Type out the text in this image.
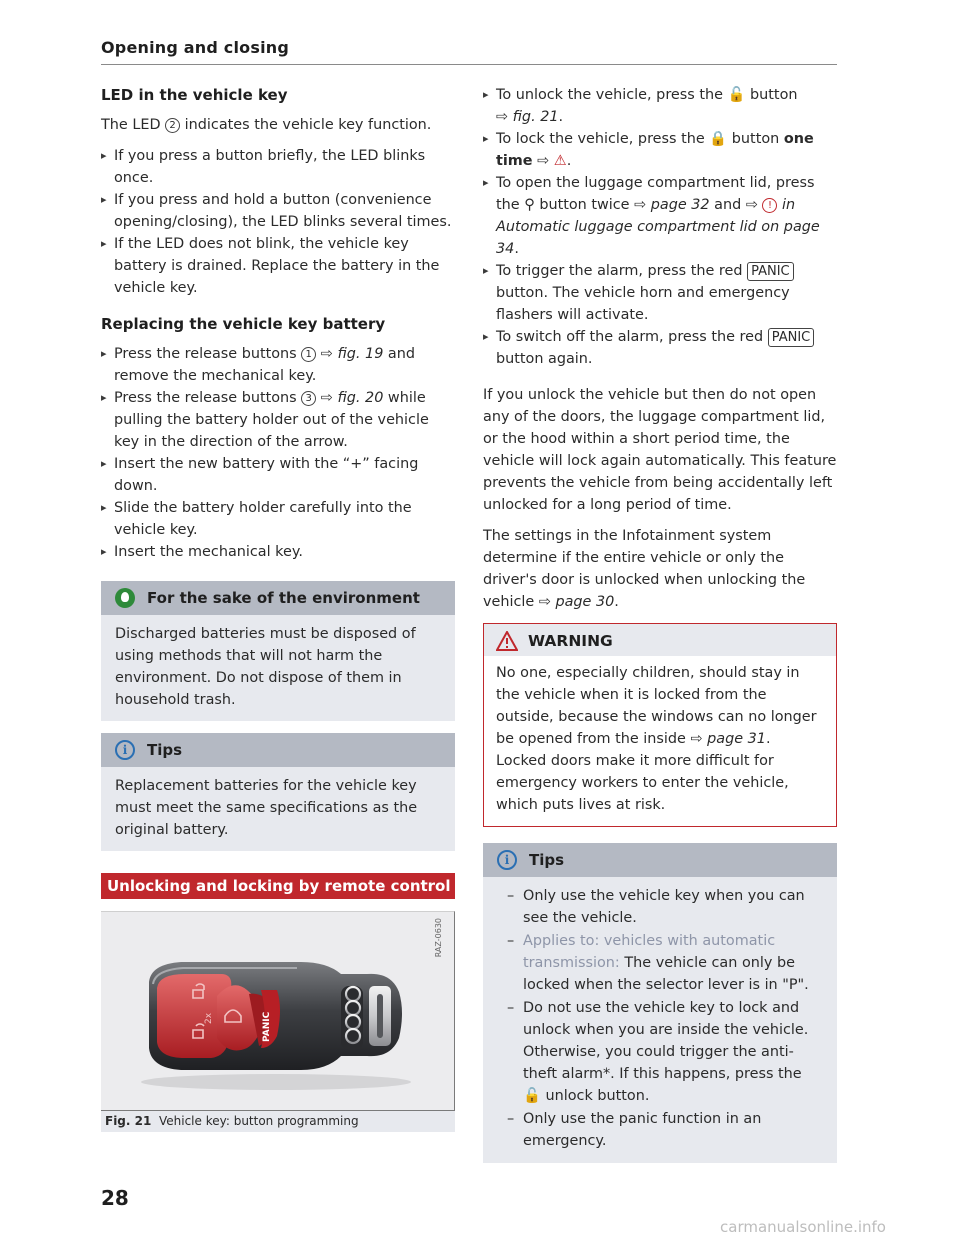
Opening and closing
LED in the vehicle key

The LED 2 indicates the vehicle key function.

▸ If you press a button briefly, the LED blinks once.
▸ If you press and hold a button (convenience opening/closing), the LED blinks several times.
▸ If the LED does not blink, the vehicle key battery is drained. Replace the battery in the vehicle key.
Replacing the vehicle key battery
▸ Press the release buttons 1 ⇨ fig. 19 and remove the mechanical key.
▸ Press the release buttons 3 ⇨ fig. 20 while pulling the battery holder out of the vehicle key in the direction of the arrow.
▸ Insert the new battery with the “+” facing down.
▸ Slide the battery holder carefully into the vehicle key.
▸ Insert the mechanical key.
For the sake of the environment
Discharged batteries must be disposed of using methods that will not harm the environment. Do not dispose of them in household trash.
i	Tips
Replacement batteries for the vehicle key must meet the same specifications as the original battery.
Unlocking and locking by remote control
RAZ-0630
2x	PANIC
Fig. 21 Vehicle key: button programming
▸ To unlock the vehicle, press the 🔓 button
⇨ fig. 21.
▸ To lock the vehicle, press the 🔒 button one time ⇨ ⚠.
▸ To open the luggage compartment lid, press the ⚲ button twice ⇨ page 32 and ⇨ ! in Automatic luggage compartment lid on page 34.
▸ To trigger the alarm, press the red PANIC button. The vehicle horn and emergency flashers will activate.
▸ To switch off the alarm, press the red PANIC button again.

If you unlock the vehicle but then do not open any of the doors, the luggage compartment lid, or the hood within a short period time, the vehicle will lock again automatically. This feature prevents the vehicle from being accidentally left unlocked for a long period of time.

The settings in the Infotainment system determine if the entire vehicle or only the driver's door is unlocked when unlocking the vehicle ⇨ page 30.

WARNING
No one, especially children, should stay in the vehicle when it is locked from the outside, because the windows can no longer be opened from the inside ⇨ page 31. Locked doors make it more difficult for emergency workers to enter the vehicle, which puts lives at risk.
i	Tips
– Only use the vehicle key when you can see the vehicle.
– Applies to: vehicles with automatic transmission: The vehicle can only be locked when the selector lever is in "P".
– Do not use the vehicle key to lock and unlock when you are inside the vehicle. Otherwise, you could trigger the anti-theft alarm*. If this happens, press the 🔓 unlock button.
– Only use the panic function in an emergency.
28
carmanualsonline.info
